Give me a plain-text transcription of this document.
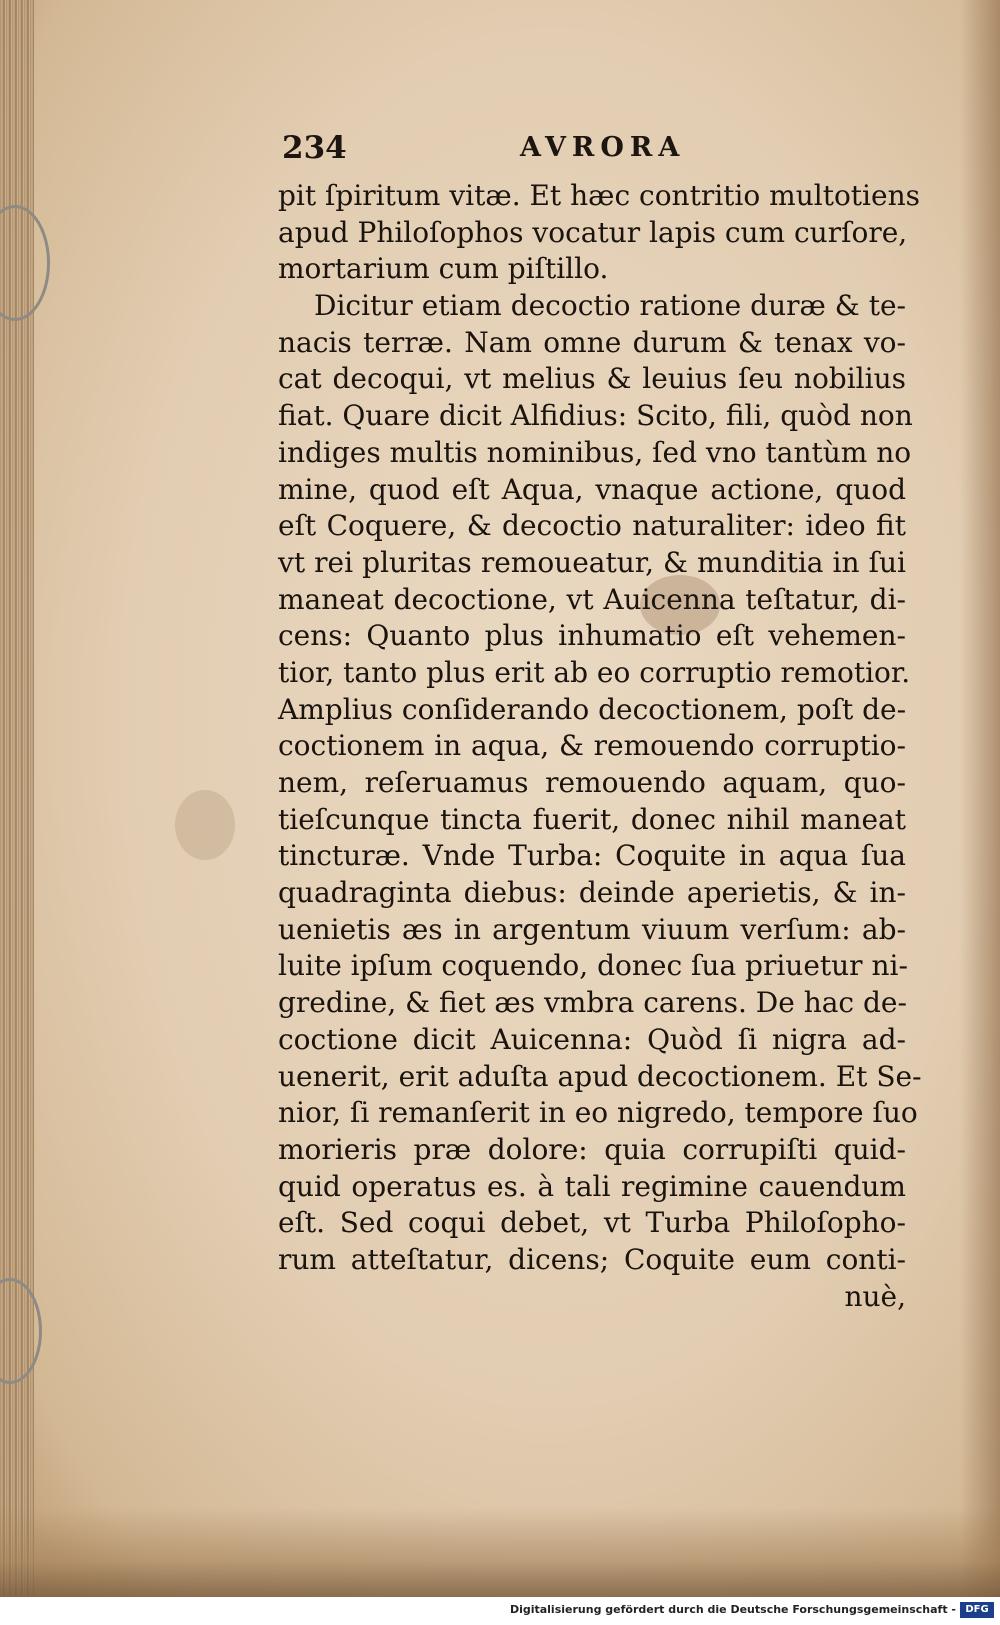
234	AVRORA
pit ſpiritum vitæ. Et hæc contritio multotiens
apud Philoſophos vocatur lapis cum curſore,
mortarium cum piſtillo.
Dicitur etiam decoctio ratione duræ & te-
nacis terræ. Nam omne durum & tenax vo-
cat decoqui, vt melius & leuius ſeu nobilius
fiat. Quare dicit Alfidius: Scito, fili, quòd non
indiges multis nominibus, ſed vno tantùm no
mine, quod eſt Aqua, vnaque actione, quod
eſt Coquere, & decoctio naturaliter: ideo fit
vt rei pluritas remoueatur, & munditia in ſui
maneat decoctione, vt Auicenna teſtatur, di-
cens: Quanto plus inhumatio eſt vehemen-
tior, tanto plus erit ab eo corruptio remotior.
Amplius conſiderando decoctionem, poſt de-
coctionem in aqua, & remouendo corruptio-
nem, reſeruamus remouendo aquam, quo-
tieſcunque tincta fuerit, donec nihil maneat
tincturæ. Vnde Turba: Coquite in aqua ſua
quadraginta diebus: deinde aperietis, & in-
uenietis æs in argentum viuum verſum: ab-
luite ipſum coquendo, donec ſua priuetur ni-
gredine, & fiet æs vmbra carens. De hac de-
coctione dicit Auicenna: Quòd ſi nigra ad-
uenerit, erit aduſta apud decoctionem. Et Se-
nior, ſi remanſerit in eo nigredo, tempore ſuo
morieris præ dolore: quia corrupiſti quid-
quid operatus es. à tali regimine cauendum
eſt. Sed coqui debet, vt Turba Philoſopho-
rum atteſtatur, dicens; Coquite eum conti-
nuè,
Digitalisierung gefördert durch die Deutsche Forschungsgemeinschaft - DFG
